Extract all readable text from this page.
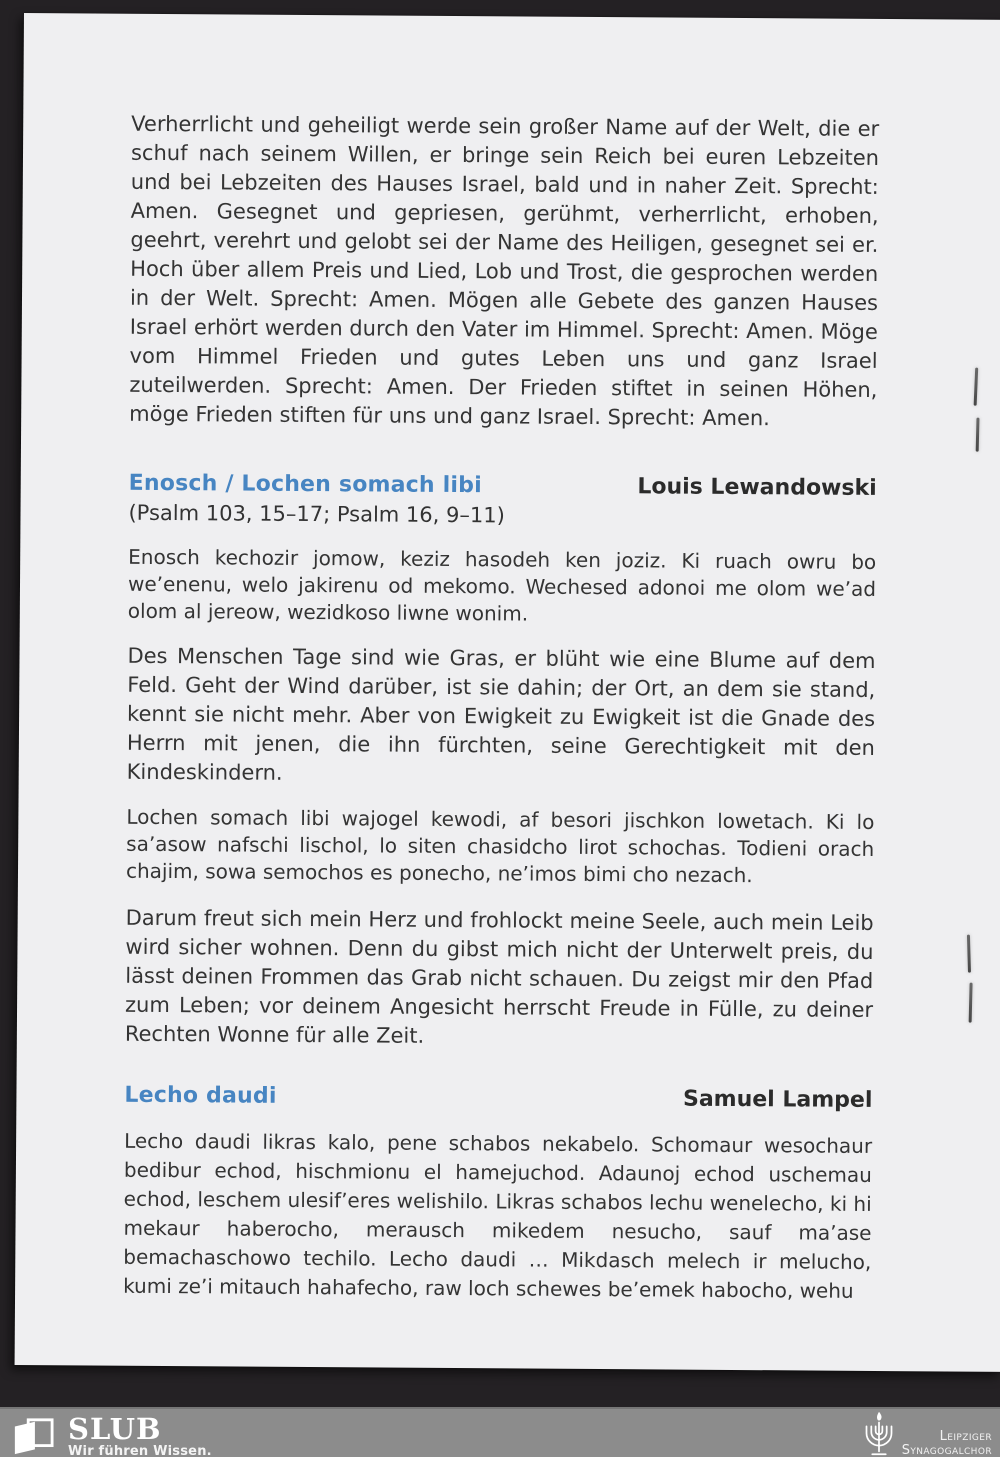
Verherrlicht und geheiligt werde sein großer Name auf der Welt, die er schuf nach seinem Willen, er bringe sein Reich bei euren Lebzeiten und bei Lebzeiten des Hauses Israel, bald und in naher Zeit. Sprecht: Amen. Gesegnet und gepriesen, gerühmt, verherrlicht, erhoben, geehrt, verehrt und gelobt sei der Name des Heiligen, gesegnet sei er. Hoch über allem Preis und Lied, Lob und Trost, die gesprochen werden in der Welt. Sprecht: Amen. Mögen alle Gebete des ganzen Hauses Israel erhört werden durch den Vater im Himmel. Sprecht: Amen. Möge vom Himmel Frieden und gutes Leben uns und ganz Israel zuteilwerden. Sprecht: Amen. Der Frieden stiftet in seinen Höhen, möge Frieden stiften für uns und ganz Israel. Sprecht: Amen.

Enosch / Lochen somach libi	Louis Lewandowski

(Psalm 103, 15–17; Psalm 16, 9–11)

Enosch kechozir jomow, keziz hasodeh ken joziz. Ki ruach owru bo we’enenu, welo jakirenu od mekomo. Wechesed adonoi me olom we’ad olom al jereow, wezidkoso liwne wonim.

Des Menschen Tage sind wie Gras, er blüht wie eine Blume auf dem Feld. Geht der Wind darüber, ist sie dahin; der Ort, an dem sie stand, kennt sie nicht mehr. Aber von Ewigkeit zu Ewigkeit ist die Gnade des Herrn mit jenen, die ihn fürchten, seine Gerechtigkeit mit den Kindeskindern.

Lochen somach libi wajogel kewodi, af besori jischkon lowetach. Ki lo sa’asow nafschi lischol, lo siten chasidcho lirot schochas. Todieni orach chajim, sowa semochos es ponecho, ne’imos bimi cho nezach.

Darum freut sich mein Herz und frohlockt meine Seele, auch mein Leib wird sicher wohnen. Denn du gibst mich nicht der Unterwelt preis, du lässt deinen Frommen das Grab nicht schauen. Du zeigst mir den Pfad zum Leben; vor deinem Angesicht herrscht Freude in Fülle, zu deiner Rechten Wonne für alle Zeit.

Lecho daudi	Samuel Lampel

Lecho daudi likras kalo, pene schabos nekabelo. Schomaur wesochaur bedibur echod, hischmionu el hamejuchod. Adaunoj echod uschemau echod, leschem ulesif’eres welishilo. Likras schabos lechu wenelecho, ki hi mekaur haberocho, merausch mikedem nesucho, sauf ma’ase bemachaschowo techilo. Lecho daudi … Mikdasch melech ir melucho, kumi ze’i mitauch hahafecho, raw loch schewes be’emek habocho, wehu

SLUB
Wir führen Wissen.
Leipziger
Synagogalchor
